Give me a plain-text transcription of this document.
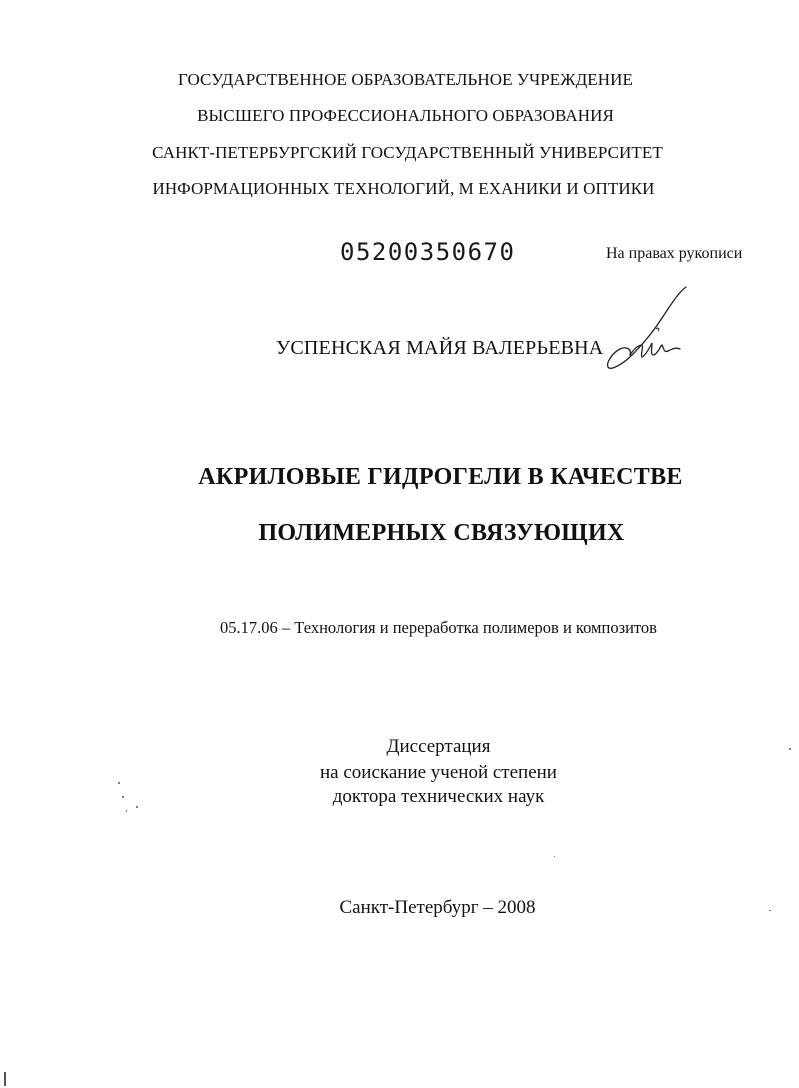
ГОСУДАРСТВЕННОЕ ОБРАЗОВАТЕЛЬНОЕ УЧРЕЖДЕНИЕ
ВЫСШЕГО ПРОФЕССИОНАЛЬНОГО ОБРАЗОВАНИЯ
САНКТ-ПЕТЕРБУРГСКИЙ ГОСУДАРСТВЕННЫЙ УНИВЕРСИТЕТ
ИНФОРМАЦИОННЫХ ТЕХНОЛОГИЙ, М ЕХАНИКИ И ОПТИКИ
05200350670	На правах рукописи
УСПЕНСКАЯ МАЙЯ ВАЛЕРЬЕВНА
АКРИЛОВЫЕ ГИДРОГЕЛИ В КАЧЕСТВЕ
ПОЛИМЕРНЫХ СВЯЗУЮЩИХ
05.17.06 – Технология и переработка полимеров и композитов
Диссертация
на соискание ученой степени
доктора технических наук
Санкт-Петербург – 2008
